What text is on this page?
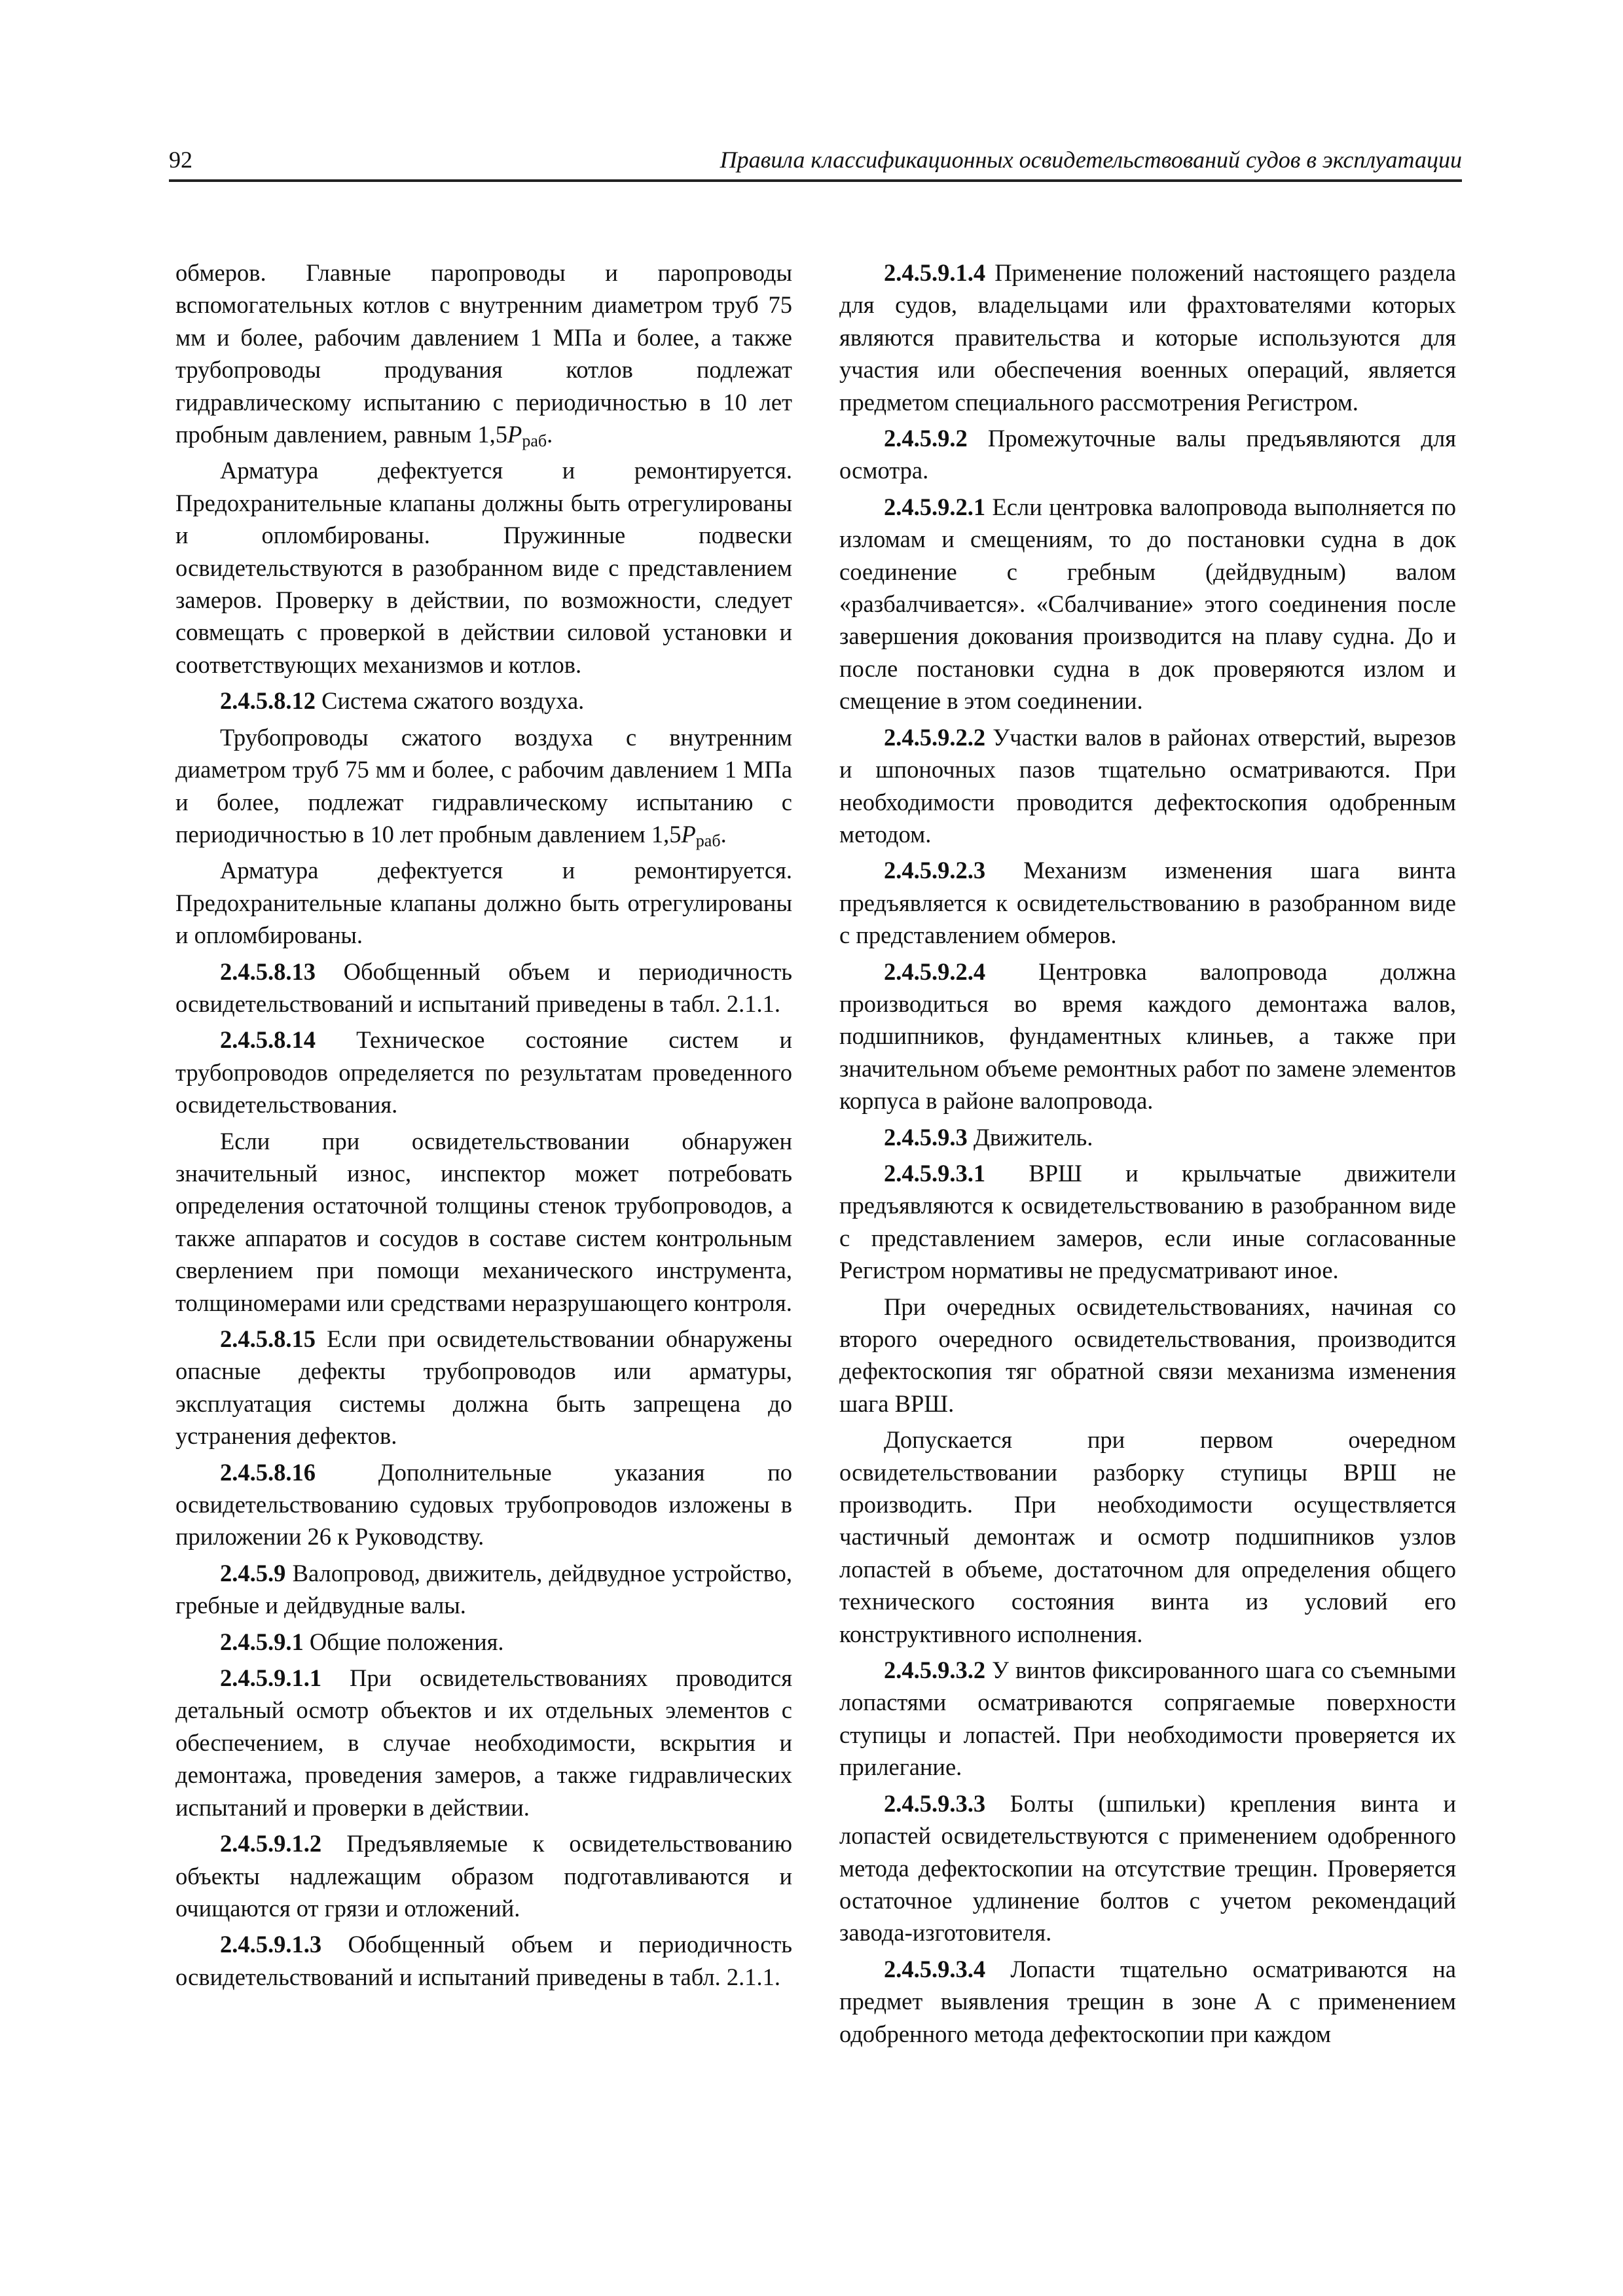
92	Правила классификационных освидетельствований судов в эксплуатации

обмеров. Главные паропроводы и паропроводы вспомогательных котлов с внутренним диаметром труб 75 мм и более, рабочим давлением 1 МПа и более, а также трубопроводы продувания котлов подлежат гидравлическому испытанию с периодичностью в 10 лет пробным давлением, равным $1,5P_{раб}$.

Арматура дефектуется и ремонтируется. Предохранительные клапаны должны быть отрегулированы и опломбированы. Пружинные подвески освидетельствуются в разобранном виде с представлением замеров. Проверку в действии, по возможности, следует совмещать с проверкой в действии силовой установки и соответствующих механизмов и котлов.

2.4.5.8.12 Система сжатого воздуха.

Трубопроводы сжатого воздуха с внутренним диаметром труб 75 мм и более, с рабочим давлением 1 МПа и более, подлежат гидравлическому испытанию с периодичностью в 10 лет пробным давлением $1,5P_{раб}$.

Арматура дефектуется и ремонтируется. Предохранительные клапаны должно быть отрегулированы и опломбированы.

2.4.5.8.13 Обобщенный объем и периодичность освидетельствований и испытаний приведены в табл. 2.1.1.

2.4.5.8.14 Техническое состояние систем и трубопроводов определяется по результатам проведенного освидетельствования.

Если при освидетельствовании обнаружен значительный износ, инспектор может потребовать определения остаточной толщины стенок трубопроводов, а также аппаратов и сосудов в составе систем контрольным сверлением при помощи механического инструмента, толщиномерами или средствами неразрушающего контроля.

2.4.5.8.15 Если при освидетельствовании обнаружены опасные дефекты трубопроводов или арматуры, эксплуатация системы должна быть запрещена до устранения дефектов.

2.4.5.8.16 Дополнительные указания по освидетельствованию судовых трубопроводов изложены в приложении 26 к Руководству.

2.4.5.9 Валопровод, движитель, дейдвудное устройство, гребные и дейдвудные валы.

2.4.5.9.1 Общие положения.

2.4.5.9.1.1 При освидетельствованиях проводится детальный осмотр объектов и их отдельных элементов с обеспечением, в случае необходимости, вскрытия и демонтажа, проведения замеров, а также гидравлических испытаний и проверки в действии.

2.4.5.9.1.2 Предъявляемые к освидетельствованию объекты надлежащим образом подготавливаются и очищаются от грязи и отложений.

2.4.5.9.1.3 Обобщенный объем и периодичность освидетельствований и испытаний приведены в табл. 2.1.1.

2.4.5.9.1.4 Применение положений настоящего раздела для судов, владельцами или фрахтователями которых являются правительства и которые используются для участия или обеспечения военных операций, является предметом специального рассмотрения Регистром.

2.4.5.9.2 Промежуточные валы предъявляются для осмотра.

2.4.5.9.2.1 Если центровка валопровода выполняется по изломам и смещениям, то до постановки судна в док соединение с гребным (дейдвудным) валом «разбалчивается». «Сбалчивание» этого соединения после завершения докования производится на плаву судна. До и после постановки судна в док проверяются излом и смещение в этом соединении.

2.4.5.9.2.2 Участки валов в районах отверстий, вырезов и шпоночных пазов тщательно осматриваются. При необходимости проводится дефектоскопия одобренным методом.

2.4.5.9.2.3 Механизм изменения шага винта предъявляется к освидетельствованию в разобранном виде с представлением обмеров.

2.4.5.9.2.4 Центровка валопровода должна производиться во время каждого демонтажа валов, подшипников, фундаментных клиньев, а также при значительном объеме ремонтных работ по замене элементов корпуса в районе валопровода.

2.4.5.9.3 Движитель.

2.4.5.9.3.1 ВРШ и крыльчатые движители предъявляются к освидетельствованию в разобранном виде с представлением замеров, если иные согласованные Регистром нормативы не предусматривают иное.

При очередных освидетельствованиях, начиная со второго очередного освидетельствования, производится дефектоскопия тяг обратной связи механизма изменения шага ВРШ.

Допускается при первом очередном освидетельствовании разборку ступицы ВРШ не производить. При необходимости осуществляется частичный демонтаж и осмотр подшипников узлов лопастей в объеме, достаточном для определения общего технического состояния винта из условий его конструктивного исполнения.

2.4.5.9.3.2 У винтов фиксированного шага со съемными лопастями осматриваются сопрягаемые поверхности ступицы и лопастей. При необходимости проверяется их прилегание.

2.4.5.9.3.3 Болты (шпильки) крепления винта и лопастей освидетельствуются с применением одобренного метода дефектоскопии на отсутствие трещин. Проверяется остаточное удлинение болтов с учетом рекомендаций завода-изготовителя.

2.4.5.9.3.4 Лопасти тщательно осматриваются на предмет выявления трещин в зоне А с применением одобренного метода дефектоскопии при каждом
